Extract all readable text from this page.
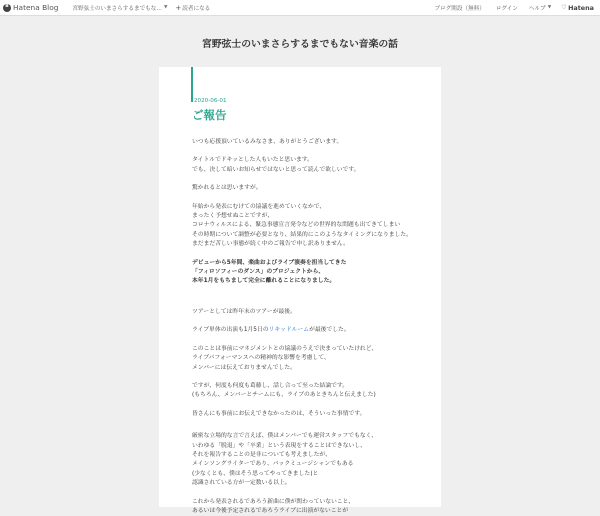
B Hatena Blog	宮野弦士のいまさらするまでもな… ▼ + 読者になる	ブログ開設（無料） ログイン ヘルプ ▼ ♡ Hatena
宮野弦士のいまさらするまでもない音楽の話
2020-06-01
ご報告

いつも応援頂いているみなさま、ありがとうございます。

タイトルでドキッとした人もいたと思います。

でも、決して暗いお知らせではないと思って読んで欲しいです。

驚かれるとは思いますが。

年始から発表にむけての協議を進めていくなかで、

まったく予想せぬことですが、

コロナウィルスによる、緊急事態宣言発令などの世界的な問題も出てきてしまい

その時期について調整が必要となり、結果的にこのようなタイミングになりました。

まだまだ苦しい事態が続く中のご報告で申し訳ありません。

デビューから5年間、楽曲およびライブ演奏を担当してきた

「フィロソフィーのダンス」のプロジェクトから、

本年1月をもちまして完全に離れることになりました。

ツアーとしては昨年末のツアーが最後。

ライブ単体の出演も1月5日のリキッドルームが最後でした。

このことは事前にマネジメントとの協議のうえで決まっていたけれど、

ライブパフォーマンスへの精神的な影響を考慮して、

メンバーには伝えておりませんでした。

ですが、何度も何度も葛藤し、話し合って至った結論です。

(もちろん、メンバーとチームにも、ライブのあときちんと伝えました)

皆さんにも事前にお伝えできなかったのは、そういった事情です。

厳密な立場的な言で言えば、僕はメンバーでも運営スタッフでもなく、

いわゆる「脱退」や「卒業」という表現をすることはできないし、

それを報告することの是非についても考えましたが、

メインソングライターであり、バックミュージシャンでもある

(少なくとも、僕はそう思ってやってきました)と

認識されている方が一定数いる以上。

これから発表されるであろう新曲に僕が関わっていないこと、

あるいは今後予定されるであろうライブに出演がないことが
